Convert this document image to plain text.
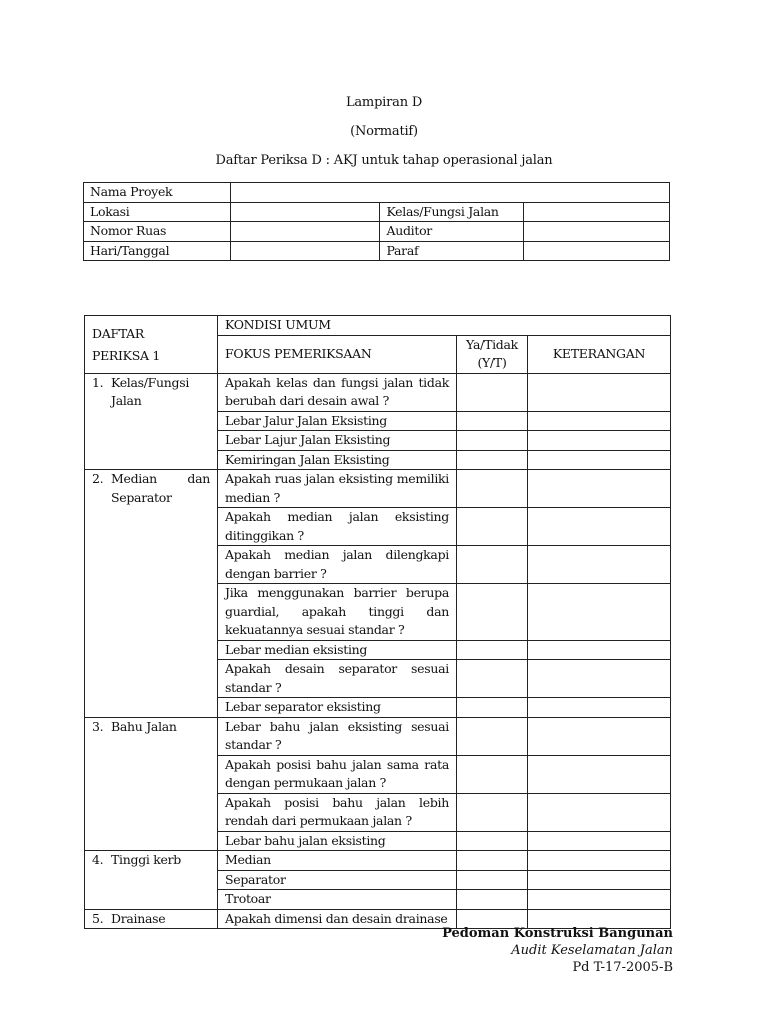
Lampiran D

(Normatif)

Daftar Periksa D : AKJ untuk tahap operasional jalan

Nama Proyek			
Lokasi		Kelas/Fungsi Jalan	
Nomor Ruas		Auditor	
Hari/Tanggal		Paraf	
DAFTAR PERIKSA 1	KONDISI UMUM		
	FOKUS PEMERIKSAAN	Ya/Tidak (Y/T)	KETERANGAN

1. Kelas/Fungsi Jalan	Apakah kelas dan fungsi jalan tidak berubah dari desain awal ?		
	Lebar Jalur Jalan Eksisting		
	Lebar Lajur Jalan Eksisting		
	Kemiringan Jalan Eksisting		

2. Median dan Separator	Apakah ruas jalan eksisting memiliki median ?		
	Apakah median jalan eksisting ditinggikan ?		
	Apakah median jalan dilengkapi dengan barrier ?		
	Jika menggunakan barrier berupa guardial, apakah tinggi dan kekuatannya sesuai standar ?		
	Lebar median eksisting		
	Apakah desain separator sesuai standar ?		
	Lebar separator eksisting		

3. Bahu Jalan	Lebar bahu jalan eksisting sesuai standar ?		
	Apakah posisi bahu jalan sama rata dengan permukaan jalan ?		
	Apakah posisi bahu jalan lebih rendah dari permukaan jalan ?		
	Lebar bahu jalan eksisting		

4. Tinggi kerb	Median		
	Separator		
	Trotoar		

5. Drainase	Apakah dimensi dan desain drainase		
Pedoman Konstruksi Bangunan
Audit Keselamatan Jalan
Pd T-17-2005-B
